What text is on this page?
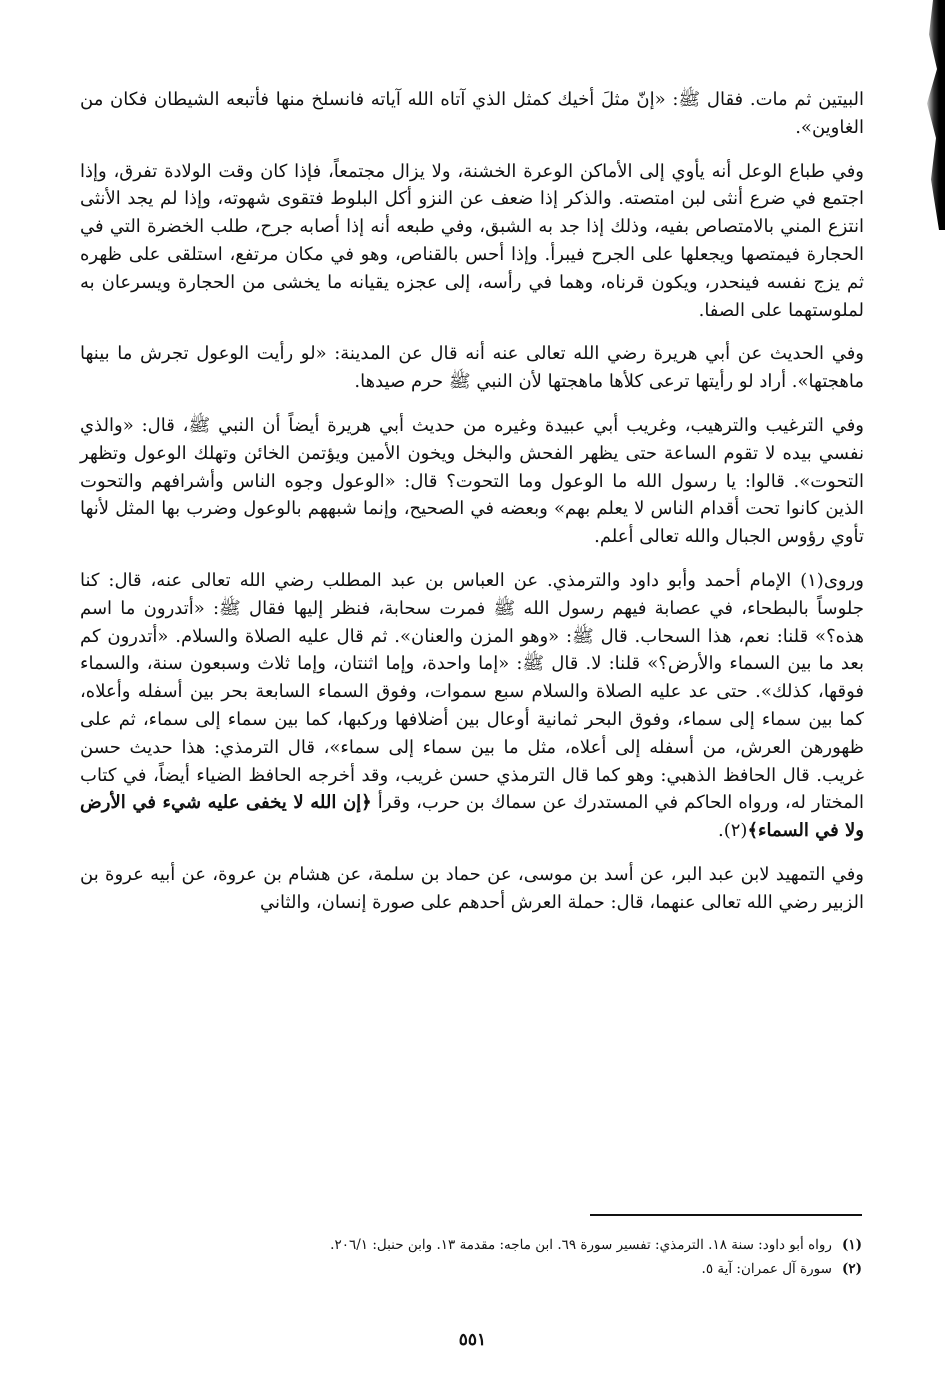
البيتين ثم مات. فقال ﷺ: «إنّ مثلَ أخيك كمثل الذي آتاه الله آياته فانسلخ منها فأتبعه الشيطان فكان من الغاوين».

وفي طباع الوعل أنه يأوي إلى الأماكن الوعرة الخشنة، ولا يزال مجتمعاً، فإذا كان وقت الولادة تفرق، وإذا اجتمع في ضرع أنثى لبن امتصته. والذكر إذا ضعف عن النزو أكل البلوط فتقوى شهوته، وإذا لم يجد الأنثى انتزع المني بالامتصاص بفيه، وذلك إذا جد به الشبق، وفي طبعه أنه إذا أصابه جرح، طلب الخضرة التي في الحجارة فيمتصها ويجعلها على الجرح فيبرأ. وإذا أحس بالقناص، وهو في مكان مرتفع، استلقى على ظهره ثم يزج نفسه فينحدر، ويكون قرناه، وهما في رأسه، إلى عجزه يقيانه ما يخشى من الحجارة ويسرعان به لملوستهما على الصفا.

وفي الحديث عن أبي هريرة رضي الله تعالى عنه أنه قال عن المدينة: «لو رأيت الوعول تجرش ما بينها ماهجتها». أراد لو رأيتها ترعى كلأها ماهجتها لأن النبي ﷺ حرم صيدها.

وفي الترغيب والترهيب، وغريب أبي عبيدة وغيره من حديث أبي هريرة أيضاً أن النبي ﷺ، قال: «والذي نفسي بيده لا تقوم الساعة حتى يظهر الفحش والبخل ويخون الأمين ويؤتمن الخائن وتهلك الوعول وتظهر التحوت». قالوا: يا رسول الله ما الوعول وما التحوت؟ قال: «الوعول وجوه الناس وأشرافهم والتحوت الذين كانوا تحت أقدام الناس لا يعلم بهم» وبعضه في الصحيح، وإنما شبههم بالوعول وضرب بها المثل لأنها تأوي رؤوس الجبال والله تعالى أعلم.

وروى(١) الإمام أحمد وأبو داود والترمذي. عن العباس بن عبد المطلب رضي الله تعالى عنه، قال: كنا جلوساً بالبطحاء، في عصابة فيهم رسول الله ﷺ فمرت سحابة، فنظر إليها فقال ﷺ: «أتدرون ما اسم هذه؟» قلنا: نعم، هذا السحاب. قال ﷺ: «وهو المزن والعنان». ثم قال عليه الصلاة والسلام. «أتدرون كم بعد ما بين السماء والأرض؟» قلنا: لا. قال ﷺ: «إما واحدة، وإما اثنتان، وإما ثلاث وسبعون سنة، والسماء فوقها، كذلك». حتى عد عليه الصلاة والسلام سبع سموات، وفوق السماء السابعة بحر بين أسفله وأعلاه، كما بين سماء إلى سماء، وفوق البحر ثمانية أوعال بين أضلافها وركبها، كما بين سماء إلى سماء، ثم على ظهورهن العرش، من أسفله إلى أعلاه، مثل ما بين سماء إلى سماء»، قال الترمذي: هذا حديث حسن غريب. قال الحافظ الذهبي: وهو كما قال الترمذي حسن غريب، وقد أخرجه الحافظ الضياء أيضاً، في كتاب المختار له، ورواه الحاكم في المستدرك عن سماك بن حرب، وقرأ ﴿إن الله لا يخفى عليه شيء في الأرض ولا في السماء﴾(٢).

وفي التمهيد لابن عبد البر، عن أسد بن موسى، عن حماد بن سلمة، عن هشام بن عروة، عن أبيه عروة بن الزبير رضي الله تعالى عنهما، قال: حملة العرش أحدهم على صورة إنسان، والثاني

(١)
رواه أبو داود: سنة ١٨. الترمذي: تفسير سورة ٦٩. ابن ماجه: مقدمة ١٣. وابن حنبل: ٢٠٦/١.
(٢)
سورة آل عمران: آية ٥.
٥٥١
